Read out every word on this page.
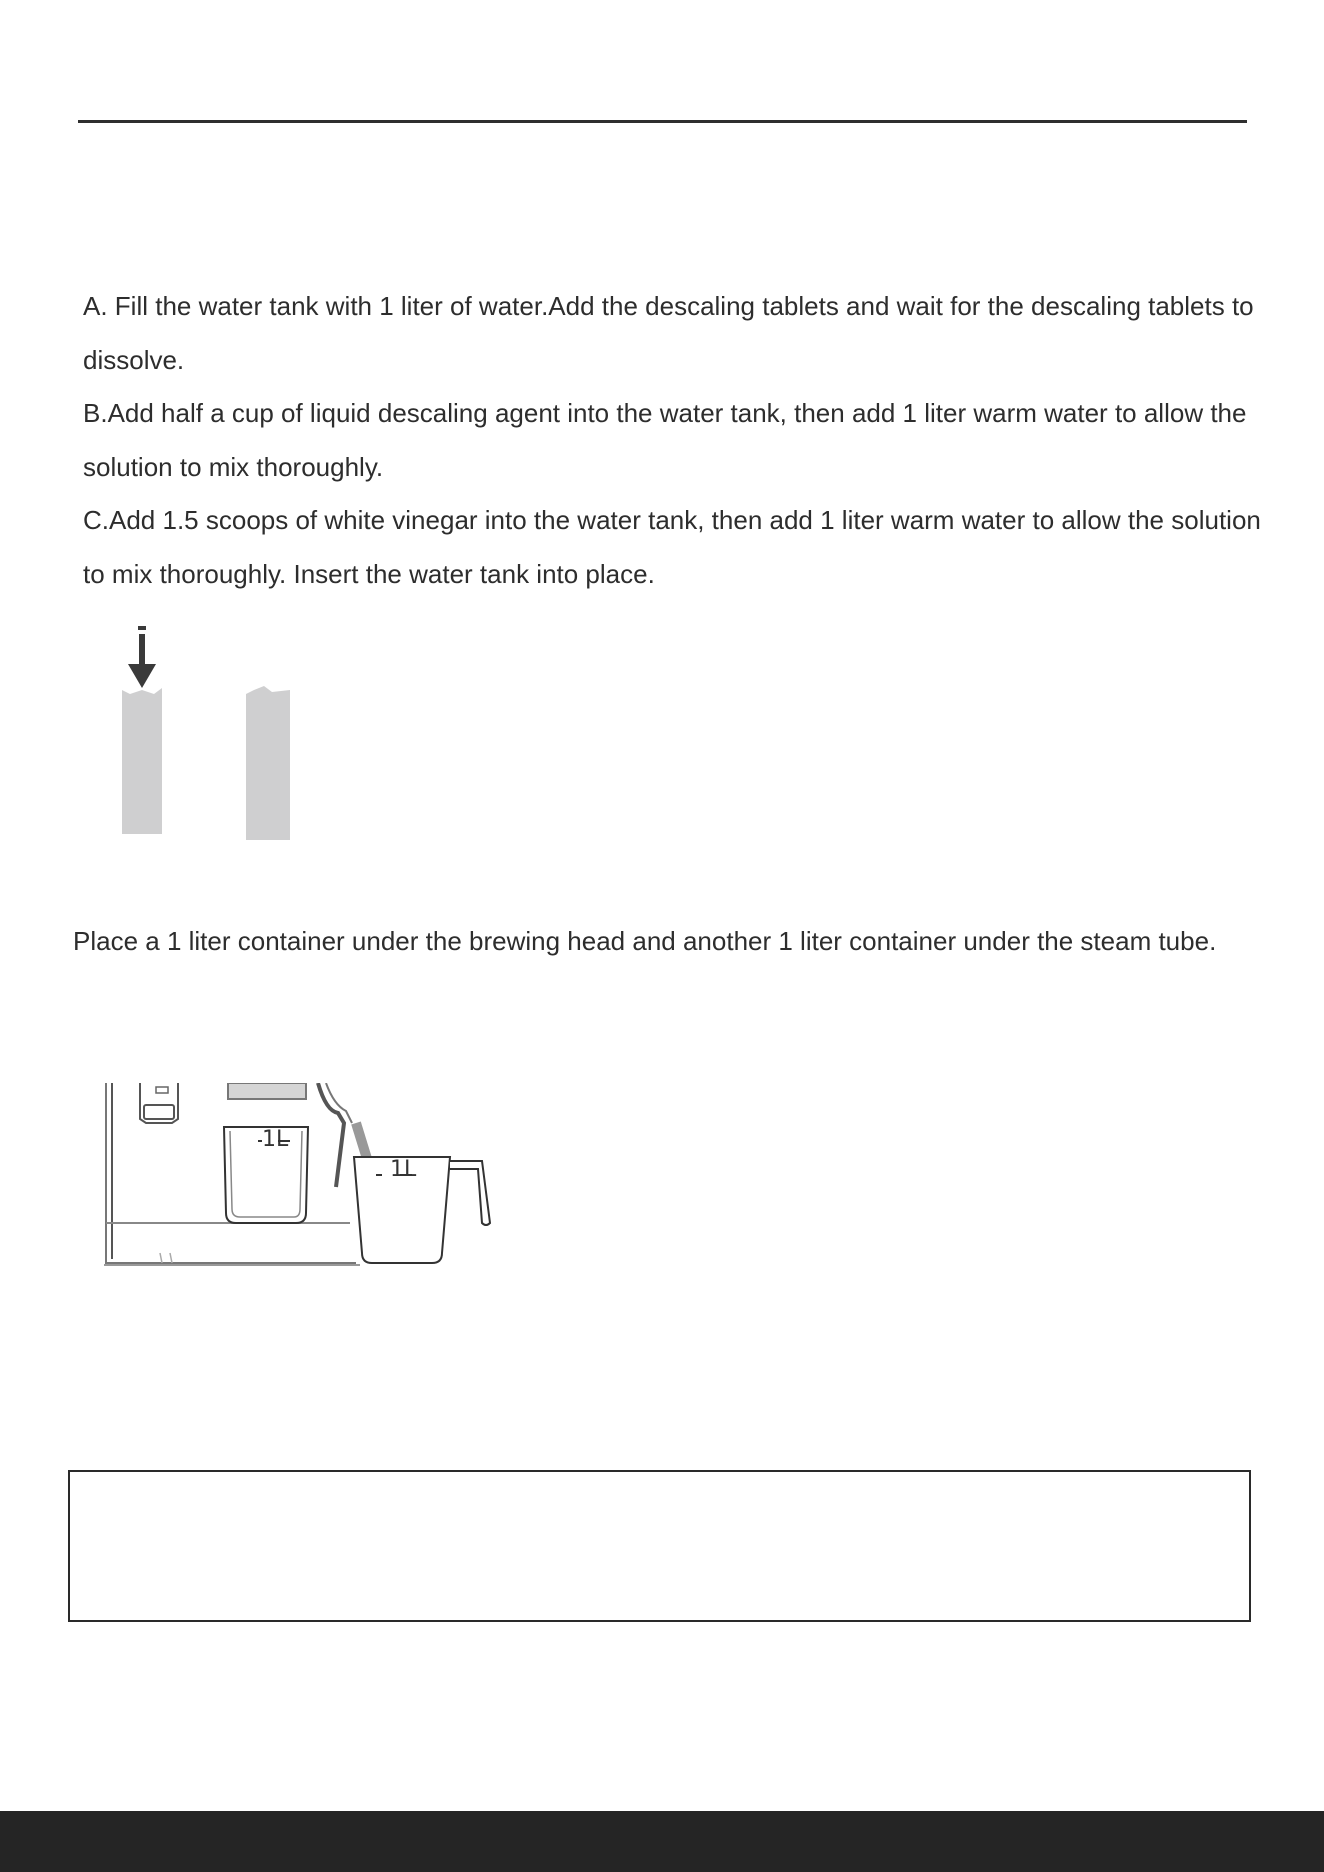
A. Fill the water tank with 1 liter of water.Add the descaling tablets and wait for the descaling tablets to dissolve.

B.Add half a cup of liquid descaling agent into the water tank, then add 1 liter warm water to allow the solution to mix thoroughly.

C.Add 1.5 scoops of white vinegar into the water tank, then add 1 liter warm water to allow the solution to mix thoroughly. Insert the water tank into place.

Place a 1 liter container under the brewing head and another 1 liter container under the steam tube.

1L
1L
